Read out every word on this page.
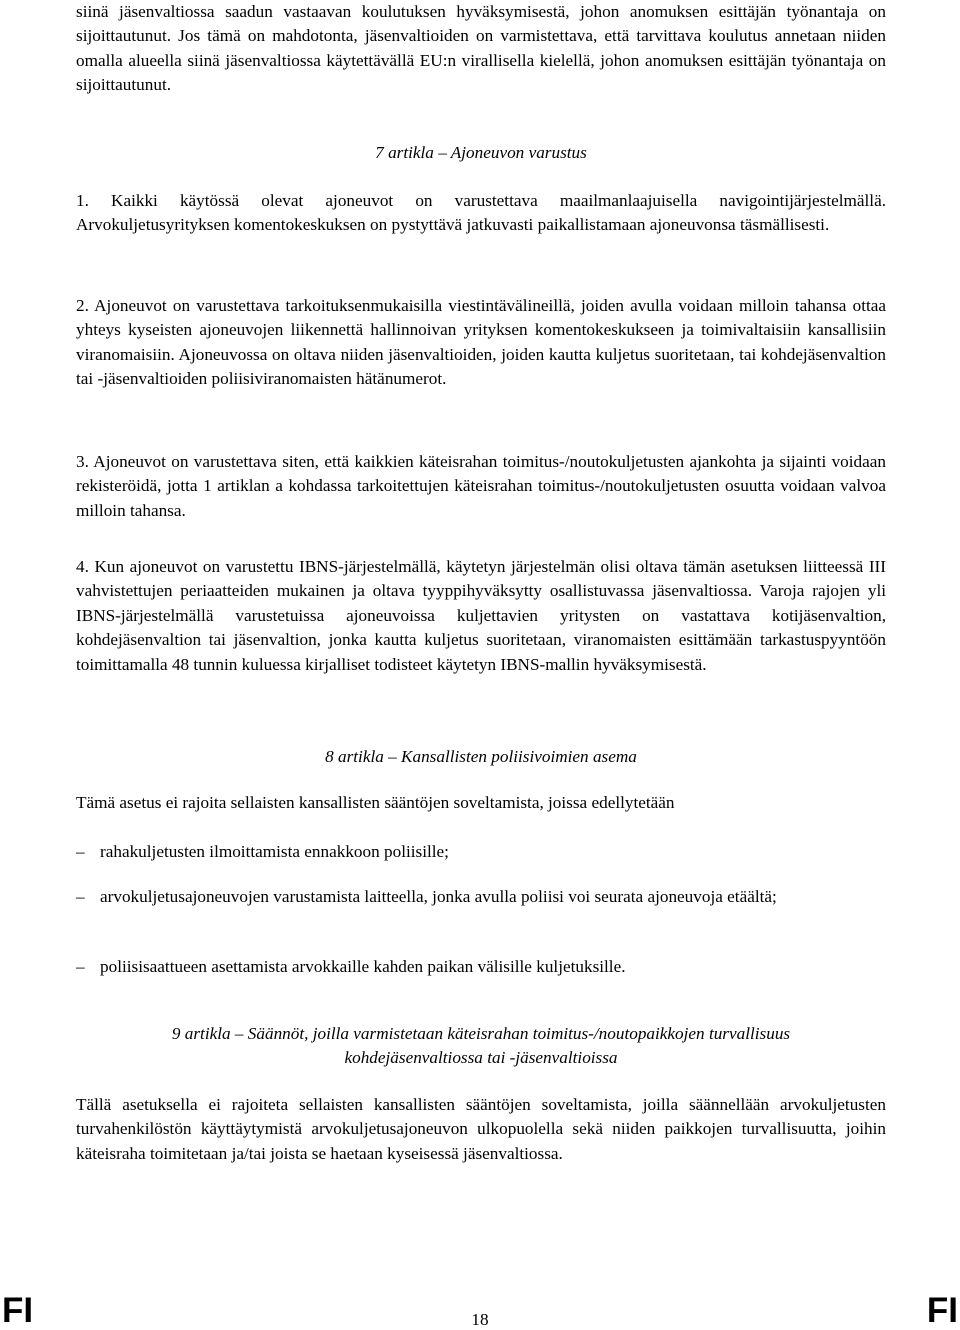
siinä jäsenvaltiossa saadun vastaavan koulutuksen hyväksymisestä, johon anomuksen esittäjän työnantaja on sijoittautunut. Jos tämä on mahdotonta, jäsenvaltioiden on varmistettava, että tarvittava koulutus annetaan niiden omalla alueella siinä jäsenvaltiossa käytettävällä EU:n virallisella kielellä, johon anomuksen esittäjän työnantaja on sijoittautunut.

7 artikla – Ajoneuvon varustus

1. Kaikki käytössä olevat ajoneuvot on varustettava maailmanlaajuisella navigointijärjestelmällä. Arvokuljetusyrityksen komentokeskuksen on pystyttävä jatkuvasti paikallistamaan ajoneuvonsa täsmällisesti.

2. Ajoneuvot on varustettava tarkoituksenmukaisilla viestintävälineillä, joiden avulla voidaan milloin tahansa ottaa yhteys kyseisten ajoneuvojen liikennettä hallinnoivan yrityksen komentokeskukseen ja toimivaltaisiin kansallisiin viranomaisiin. Ajoneuvossa on oltava niiden jäsenvaltioiden, joiden kautta kuljetus suoritetaan, tai kohdejäsenvaltion tai -jäsenvaltioiden poliisiviranomaisten hätänumerot.

3. Ajoneuvot on varustettava siten, että kaikkien käteisrahan toimitus-/noutokuljetusten ajankohta ja sijainti voidaan rekisteröidä, jotta 1 artiklan a kohdassa tarkoitettujen käteisrahan toimitus-/noutokuljetusten osuutta voidaan valvoa milloin tahansa.

4. Kun ajoneuvot on varustettu IBNS-järjestelmällä, käytetyn järjestelmän olisi oltava tämän asetuksen liitteessä III vahvistettujen periaatteiden mukainen ja oltava tyyppihyväksytty osallistuvassa jäsenvaltiossa. Varoja rajojen yli IBNS-järjestelmällä varustetuissa ajoneuvoissa kuljettavien yritysten on vastattava kotijäsenvaltion, kohdejäsenvaltion tai jäsenvaltion, jonka kautta kuljetus suoritetaan, viranomaisten esittämään tarkastuspyyntöön toimittamalla 48 tunnin kuluessa kirjalliset todisteet käytetyn IBNS-mallin hyväksymisestä.

8 artikla – Kansallisten poliisivoimien asema

Tämä asetus ei rajoita sellaisten kansallisten sääntöjen soveltamista, joissa edellytetään

– rahakuljetusten ilmoittamista ennakkoon poliisille;
– arvokuljetusajoneuvojen varustamista laitteella, jonka avulla poliisi voi seurata ajoneuvoja etäältä;
– poliisisaattueen asettamista arvokkaille kahden paikan välisille kuljetuksille.
9 artikla – Säännöt, joilla varmistetaan käteisrahan toimitus-/noutopaikkojen turvallisuus
kohdejäsenvaltiossa tai -jäsenvaltioissa

Tällä asetuksella ei rajoiteta sellaisten kansallisten sääntöjen soveltamista, joilla säännellään arvokuljetusten turvahenkilöstön käyttäytymistä arvokuljetusajoneuvon ulkopuolella sekä niiden paikkojen turvallisuutta, joihin käteisraha toimitetaan ja/tai joista se haetaan kyseisessä jäsenvaltiossa.

FI	18	FI
